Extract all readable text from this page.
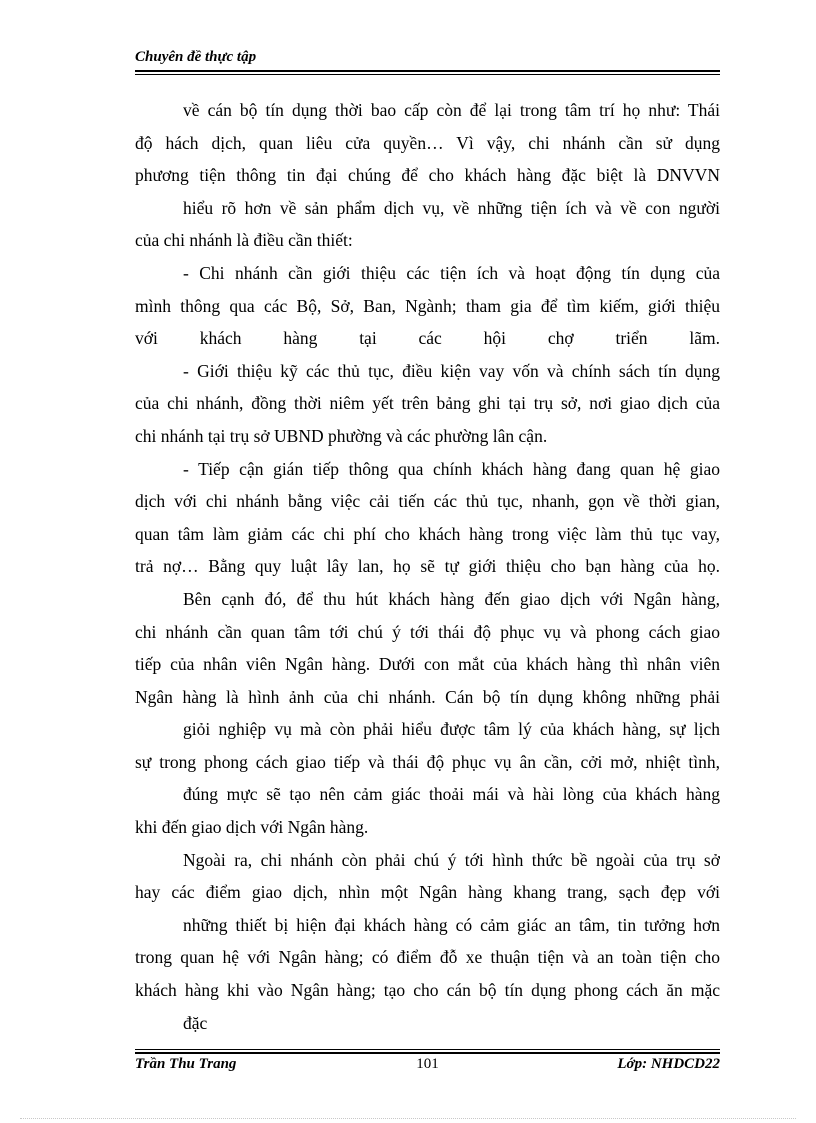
Chuyên đề thực tập
về cán bộ tín dụng thời bao cấp còn để lại trong tâm trí họ như: Thái
độ hách dịch, quan liêu cửa quyền… Vì vậy, chi nhánh cần sử dụng
phương tiện thông tin đại chúng để cho khách hàng đặc biệt là DNVVN
hiểu rõ hơn về sản phẩm dịch vụ, về những tiện ích và về con người
của chi nhánh là điều cần thiết:
- Chi nhánh cần giới thiệu các tiện ích và hoạt động tín dụng của
mình thông qua các Bộ, Sở, Ban, Ngành; tham gia để tìm kiếm, giới thiệu
với khách hàng tại các hội chợ triển lãm.
- Giới thiệu kỹ các thủ tục, điều kiện vay vốn và chính sách tín dụng
của chi nhánh, đồng thời niêm yết trên bảng ghi tại trụ sở, nơi giao dịch của
chi nhánh tại trụ sở UBND phường và các phường lân cận.
- Tiếp cận gián tiếp thông qua chính khách hàng đang quan hệ giao
dịch với chi nhánh bằng việc cải tiến các thủ tục, nhanh, gọn về thời gian,
quan tâm làm giảm các chi phí cho khách hàng trong việc làm thủ tục vay,
trả nợ… Bằng quy luật lây lan, họ sẽ tự giới thiệu cho bạn hàng của họ.
Bên cạnh đó, để thu hút khách hàng đến giao dịch với Ngân hàng,
chi nhánh cần quan tâm tới chú ý tới thái độ phục vụ và phong cách giao
tiếp của nhân viên Ngân hàng. Dưới con mắt của khách hàng thì nhân viên
Ngân hàng là hình ảnh của chi nhánh. Cán bộ tín dụng không những phải
giỏi nghiệp vụ mà còn phải hiểu được tâm lý của khách hàng, sự lịch
sự trong phong cách giao tiếp và thái độ phục vụ ân cần, cởi mở, nhiệt tình,
đúng mực sẽ tạo nên cảm giác thoải mái và hài lòng của khách hàng
khi đến giao dịch với Ngân hàng.
Ngoài ra, chi nhánh còn phải chú ý tới hình thức bề ngoài của trụ sở
hay các điểm giao dịch, nhìn một Ngân hàng khang trang, sạch đẹp với
những thiết bị hiện đại khách hàng có cảm giác an tâm, tin tưởng hơn
trong quan hệ với Ngân hàng; có điểm đỗ xe thuận tiện và an toàn tiện cho
khách hàng khi vào Ngân hàng; tạo cho cán bộ tín dụng phong cách ăn mặc
đặc
Trần Thu Trang	101	Lớp: NHDCD22
